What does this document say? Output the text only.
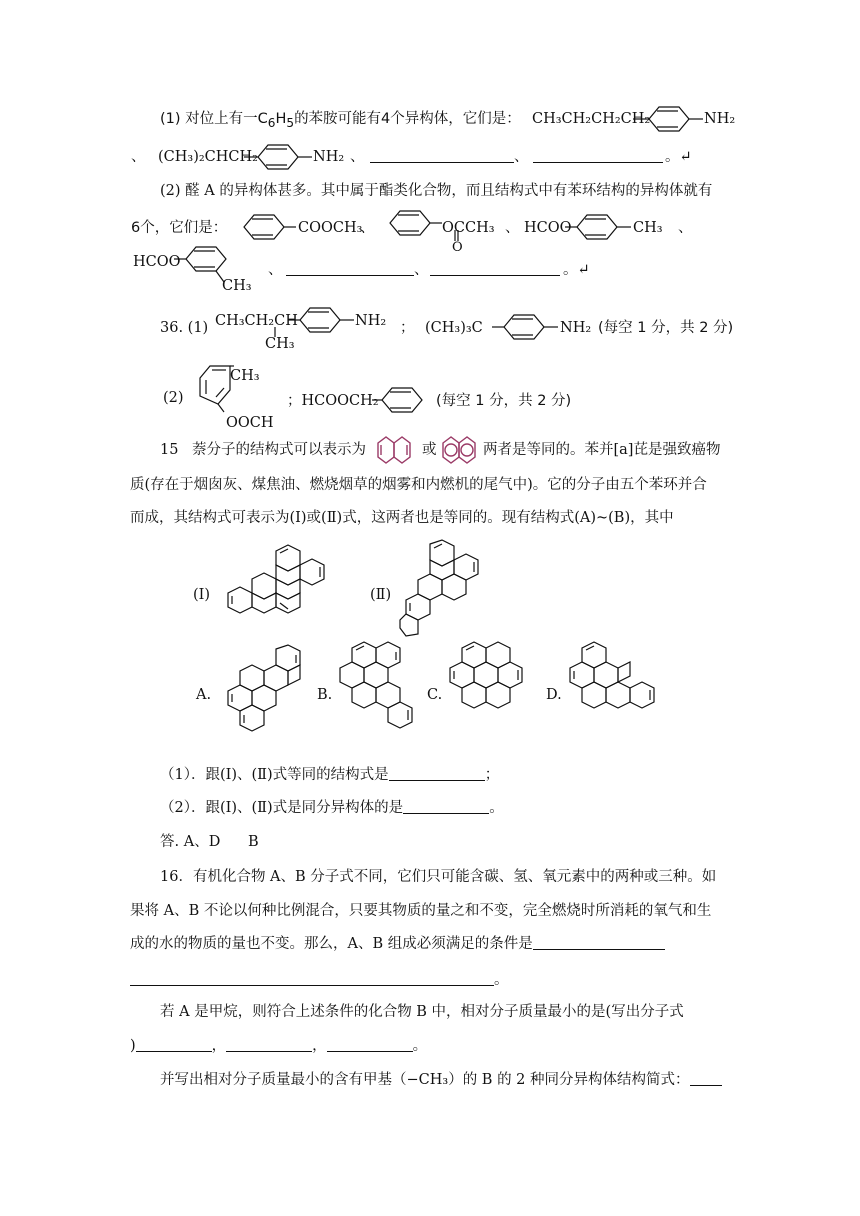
(1) 对位上有一$C_6H_5$的苯胺可能有4个异构体，它们是： CH₃CH₂CH₂CH₂	NH₂
、 (CH₃)₂CHCH₂	NH₂ 、	、	。↵
(2) 醛 A 的异构体甚多。其中属于酯类化合物，而且结构式中有苯环结构的异构体就有
6个，它们是：	COOCH₃
、	OCCH₃
O
、 HCOO	CH₃ 、
HCOO
CH₃
、	、	。↵
36. (1) CH₃CH₂CH
CH₃
NH₂ ； (CH₃)₃C	NH₂ (每空 1 分，共 2 分)
(2)
CH₃
OOCH
；HCOOCH₂	(每空 1 分，共 2 分)
15 萘分子的结构式可以表示为	或	两者是等同的。苯并[a]芘是强致癌物
质(存在于烟囱灰、煤焦油、燃烧烟草的烟雾和内燃机的尾气中)。它的分子由五个苯环并合
而成，其结构式可表示为(Ⅰ)或(Ⅱ)式，这两者也是等同的。现有结构式(A)~(B)，其中
(Ⅰ)	(Ⅱ)
A.	B.	C.	D.
（1）．跟(Ⅰ)、(Ⅱ)式等同的结构式是	；
（2）．跟(Ⅰ)、(Ⅱ)式是同分异构体的是	。
答. A、D      B
16．有机化合物 A、B 分子式不同，它们只可能含碳、氢、氧元素中的两种或三种。如
果将 A、B 不论以何种比例混合，只要其物质的量之和不变，完全燃烧时所消耗的氧气和生
成的水的物质的量也不变。那么，A、B 组成必须满足的条件是
。
若 A 是甲烷，则符合上述条件的化合物 B 中，相对分子质量最小的是(写出分子式
)	，	，	。
并写出相对分子质量最小的含有甲基（−CH₃）的 B 的 2 种同分异构体结构简式：
